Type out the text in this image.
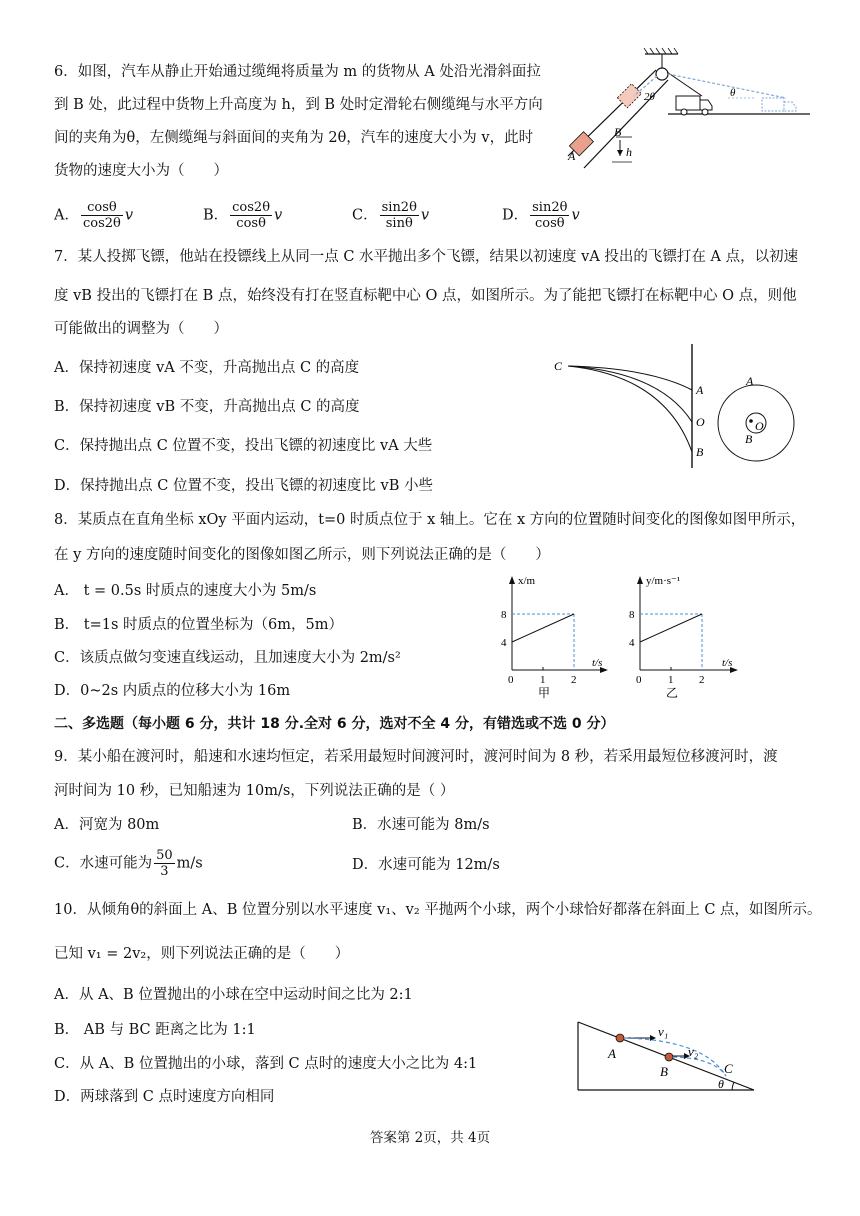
6．如图，汽车从静止开始通过缆绳将质量为 m 的货物从 A 处沿光滑斜面拉
到 B 处，此过程中货物上升高度为 h，到 B 处时定滑轮右侧缆绳与水平方向
间的夹角为θ，左侧缆绳与斜面间的夹角为 2θ，汽车的速度大小为 v，此时
货物的速度大小为（　　）
A． $\frac{\cos\theta}{\cos 2\theta}$ v	B． $\frac{\cos 2\theta}{\cos\theta}$ v	C． $\frac{\sin 2\theta}{\sin\theta}$ v	D． $\frac{\sin 2\theta}{\cos\theta}$ v
A
B
h
2θ	θ
7．某人投掷飞镖，他站在投镖线上从同一点 C 水平抛出多个飞镖，结果以初速度 vA 投出的飞镖打在 A 点，以初速
度 vB 投出的飞镖打在 B 点，始终没有打在竖直标靶中心 O 点，如图所示。为了能把飞镖打在标靶中心 O 点，则他
可能做出的调整为（　　）
A．保持初速度 vA 不变，升高抛出点 C 的高度
B．保持初速度 vB 不变，升高抛出点 C 的高度
C．保持抛出点 C 位置不变，投出飞镖的初速度比 vA 大些
D．保持抛出点 C 位置不变，投出飞镖的初速度比 vB 小些
C
A
O
B
A
O
B
8．某质点在直角坐标 xOy 平面内运动，t=0 时质点位于 x 轴上。它在 x 方向的位置随时间变化的图像如图甲所示，
在 y 方向的速度随时间变化的图像如图乙所示，则下列说法正确的是（　　）
A． t = 0.5s 时质点的速度大小为 5m/s
B． t=1s 时质点的位置坐标为（6m，5m）
C．该质点做匀变速直线运动，且加速度大小为 2m/s²
D．0~2s 内质点的位移大小为 16m
x/m
t/s
8
4
0 1 2
甲
y/m·s⁻¹
t/s
8
4
0 1 2
乙
二、多选题（每小题 6 分，共计 18 分.全对 6 分，选对不全 4 分，有错选或不选 0 分）
9．某小船在渡河时，船速和水速均恒定，若采用最短时间渡河时，渡河时间为 8 秒，若采用最短位移渡河时，渡
河时间为 10 秒，已知船速为 10m/s，下列说法正确的是（ ）
A．河宽为 80m	B．水速可能为 8m/s
C．水速可能为 $\frac{50}{3} m/s$	D．水速可能为 12m/s
10．从倾角θ的斜面上 A、B 位置分别以水平速度 v₁、v₂ 平抛两个小球，两个小球恰好都落在斜面上 C 点，如图所示。
已知 v₁ = 2v₂，则下列说法正确的是（　　）
A．从 A、B 位置抛出的小球在空中运动时间之比为 2:1
B． AB 与 BC 距离之比为 1:1
C．从 A、B 位置抛出的小球，落到 C 点时的速度大小之比为 4:1
D．两球落到 C 点时速度方向相同
A
B	C
v₁
v₂
θ
答案第 2页，共 4页
